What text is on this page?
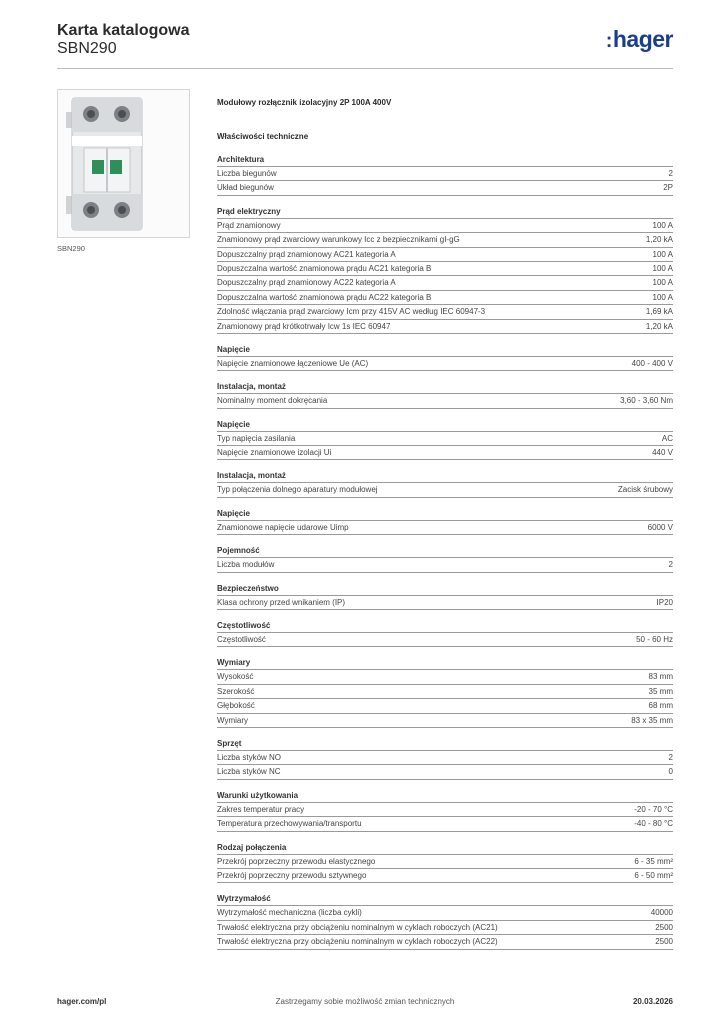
Karta katalogowa
SBN290	:hager
SBN290
Modułowy rozłącznik izolacyjny 2P 100A 400V
Właściwości techniczne
Architektura
Liczba biegunów	2
Układ biegunów	2P
Prąd elektryczny
Prąd znamionowy	100 A
Znamionowy prąd zwarciowy warunkowy Icc z bezpiecznikami gI-gG	1,20 kA
Dopuszczalny prąd znamionowy AC21 kategoria A	100 A
Dopuszczalna wartość znamionowa prądu AC21 kategoria B	100 A
Dopuszczalny prąd znamionowy AC22 kategoria A	100 A
Dopuszczalna wartość znamionowa prądu AC22 kategoria B	100 A
Zdolność włączania prąd zwarciowy Icm przy 415V AC według IEC 60947-3	1,69 kA
Znamionowy prąd krótkotrwały Icw 1s IEC 60947	1,20 kA
Napięcie
Napięcie znamionowe łączeniowe Ue (AC)	400 - 400 V
Instalacja, montaż
Nominalny moment dokręcania	3,60 - 3,60 Nm
Napięcie
Typ napięcia zasilania	AC
Napięcie znamionowe izolacji Ui	440 V
Instalacja, montaż
Typ połączenia dolnego aparatury modułowej	Zacisk śrubowy
Napięcie
Znamionowe napięcie udarowe Uimp	6000 V
Pojemność
Liczba modułów	2
Bezpieczeństwo
Klasa ochrony przed wnikaniem (IP)	IP20
Częstotliwość
Częstotliwość	50 - 60 Hz
Wymiary
Wysokość	83 mm
Szerokość	35 mm
Głębokość	68 mm
Wymiary	83 x 35 mm
Sprzęt
Liczba styków NO	2
Liczba styków NC	0
Warunki użytkowania
Zakres temperatur pracy	-20 - 70 °C
Temperatura przechowywania/transportu	-40 - 80 °C
Rodzaj połączenia
Przekrój poprzeczny przewodu elastycznego	6 - 35 mm²
Przekrój poprzeczny przewodu sztywnego	6 - 50 mm²
Wytrzymałość
Wytrzymałość mechaniczna (liczba cykli)	40000
Trwałość elektryczna przy obciążeniu nominalnym w cyklach roboczych (AC21)	2500
Trwałość elektryczna przy obciążeniu nominalnym w cyklach roboczych (AC22)	2500
Zastrzegamy sobie możliwość zmian technicznych
hager.com/pl	20.03.2026
